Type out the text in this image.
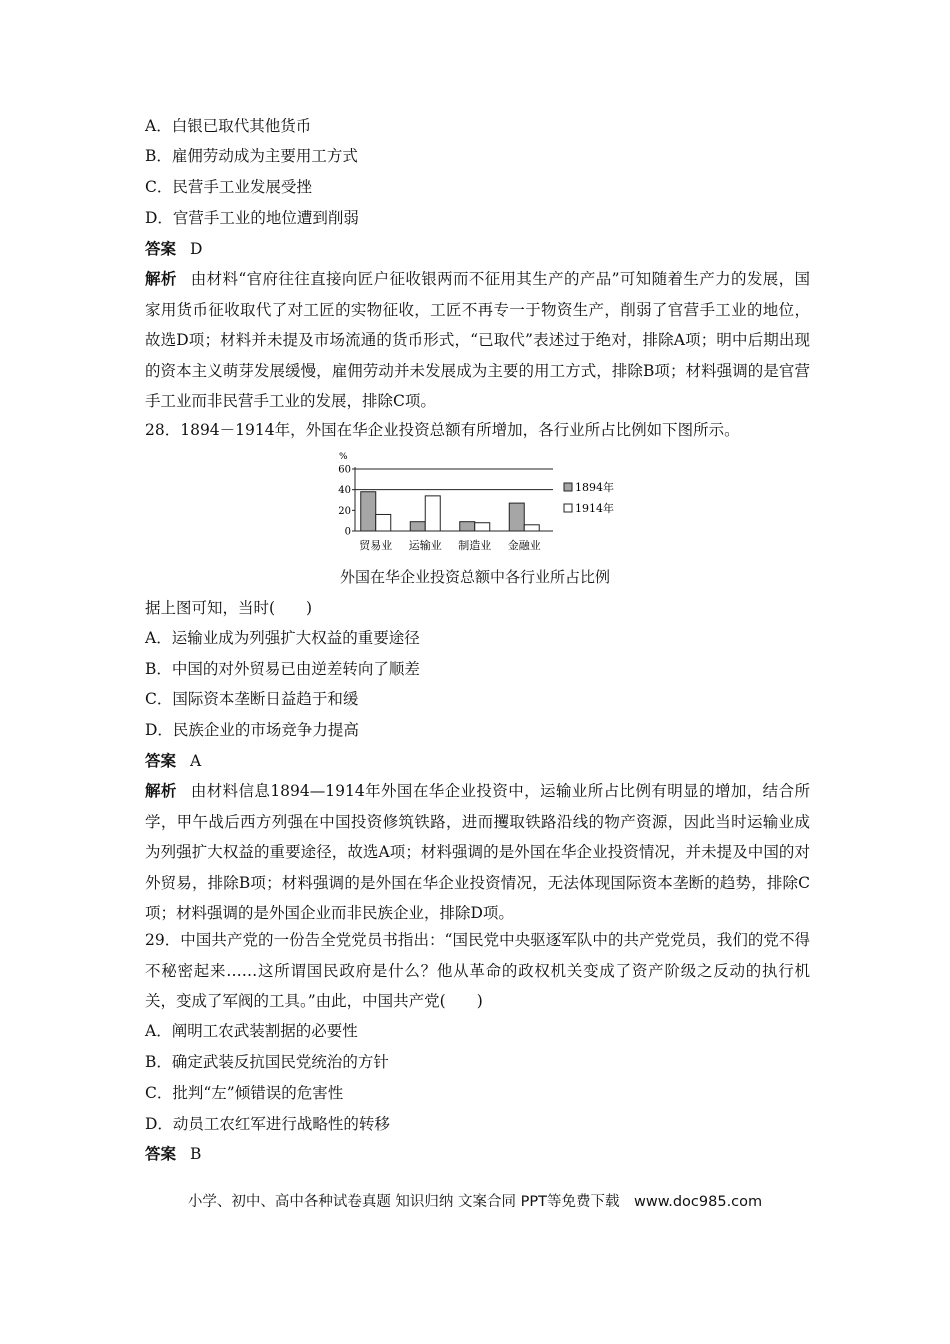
A．白银已取代其他货币
B．雇佣劳动成为主要用工方式
C．民营手工业发展受挫
D．官营手工业的地位遭到削弱
答案 D
解析 由材料“官府往往直接向匠户征收银两而不征用其生产的产品”可知随着生产力的发展，国家用货币征收取代了对工匠的实物征收，工匠不再专一于物资生产，削弱了官营手工业的地位，故选D项；材料并未提及市场流通的货币形式，“已取代”表述过于绝对，排除A项；明中后期出现的资本主义萌芽发展缓慢，雇佣劳动并未发展成为主要的用工方式，排除B项；材料强调的是官营手工业而非民营手工业的发展，排除C项。
28．1894－1914年，外国在华企业投资总额有所增加，各行业所占比例如下图所示。
%
0
20
40
60
贸易业 运输业 制造业 金融业
1894年
1914年
外国在华企业投资总额中各行业所占比例
据上图可知，当时(　　)
A．运输业成为列强扩大权益的重要途径
B．中国的对外贸易已由逆差转向了顺差
C．国际资本垄断日益趋于和缓
D．民族企业的市场竞争力提高
答案 A
解析 由材料信息1894—1914年外国在华企业投资中，运输业所占比例有明显的增加，结合所学，甲午战后西方列强在中国投资修筑铁路，进而攫取铁路沿线的物产资源，因此当时运输业成为列强扩大权益的重要途径，故选A项；材料强调的是外国在华企业投资情况，并未提及中国的对外贸易，排除B项；材料强调的是外国在华企业投资情况，无法体现国际资本垄断的趋势，排除C项；材料强调的是外国企业而非民族企业，排除D项。
29．中国共产党的一份告全党党员书指出：“国民党中央驱逐军队中的共产党党员，我们的党不得不秘密起来……这所谓国民政府是什么？他从革命的政权机关变成了资产阶级之反动的执行机关，变成了军阀的工具。”由此，中国共产党(　　)
A．阐明工农武装割据的必要性
B．确定武装反抗国民党统治的方针
C．批判“左”倾错误的危害性
D．动员工农红军进行战略性的转移
答案 B
小学、初中、高中各种试卷真题 知识归纳 文案合同 PPT等免费下载　www.doc985.com
